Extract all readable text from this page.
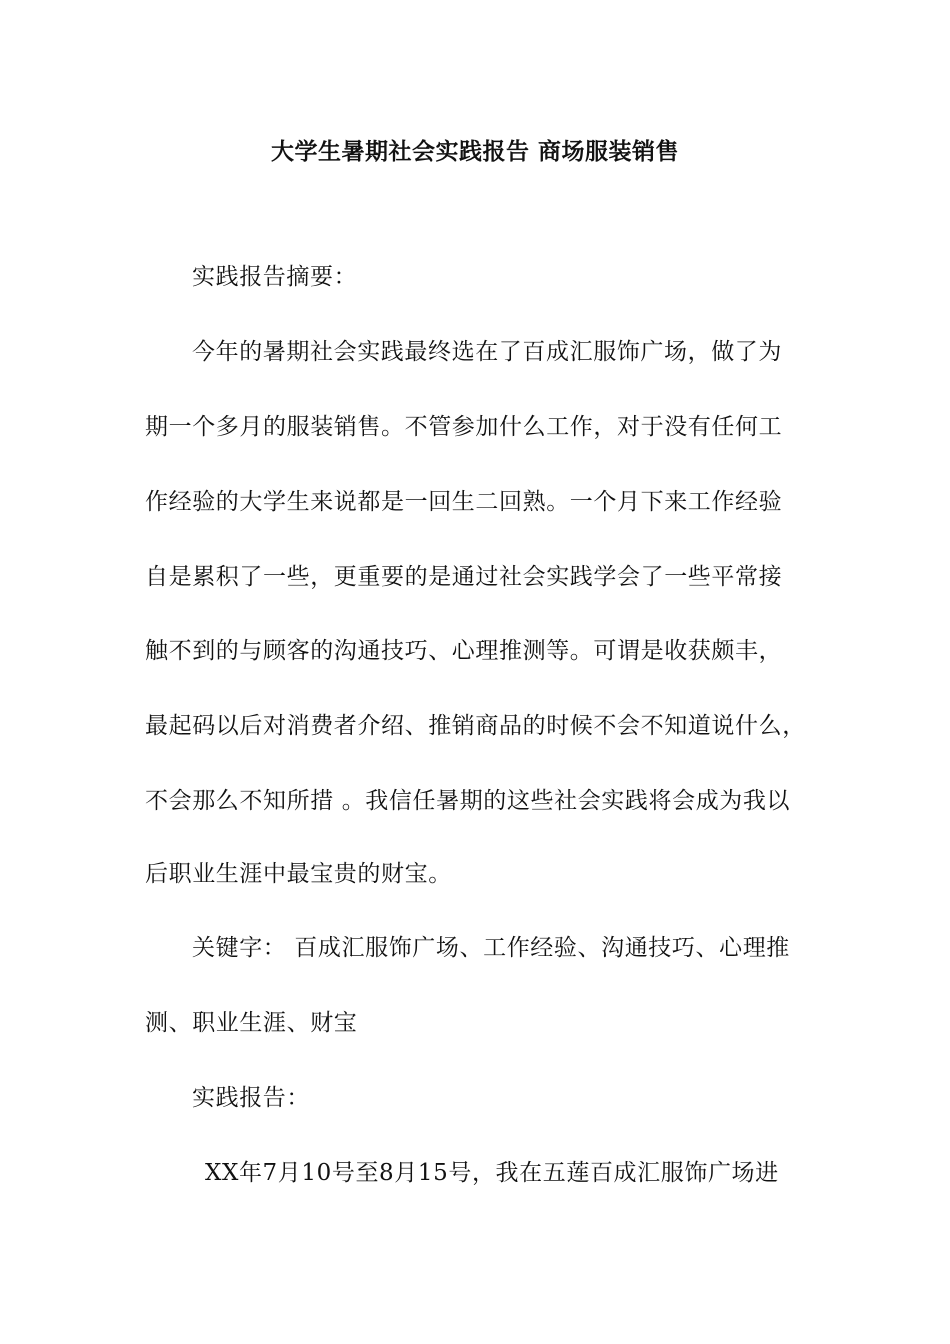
大学生暑期社会实践报告 商场服装销售
实践报告摘要：
今年的暑期社会实践最终选在了百成汇服饰广场，做了为
期一个多月的服装销售。不管参加什么工作，对于没有任何工
作经验的大学生来说都是一回生二回熟。一个月下来工作经验
自是累积了一些，更重要的是通过社会实践学会了一些平常接
触不到的与顾客的沟通技巧、心理推测等。可谓是收获颇丰，
最起码以后对消费者介绍、推销商品的时候不会不知道说什么，
不会那么不知所措 。我信任暑期的这些社会实践将会成为我以
后职业生涯中最宝贵的财宝。
关键字： 百成汇服饰广场、工作经验、沟通技巧、心理推
测、职业生涯、财宝
实践报告：
XX年7月10号至8月15号，我在五莲百成汇服饰广场进
